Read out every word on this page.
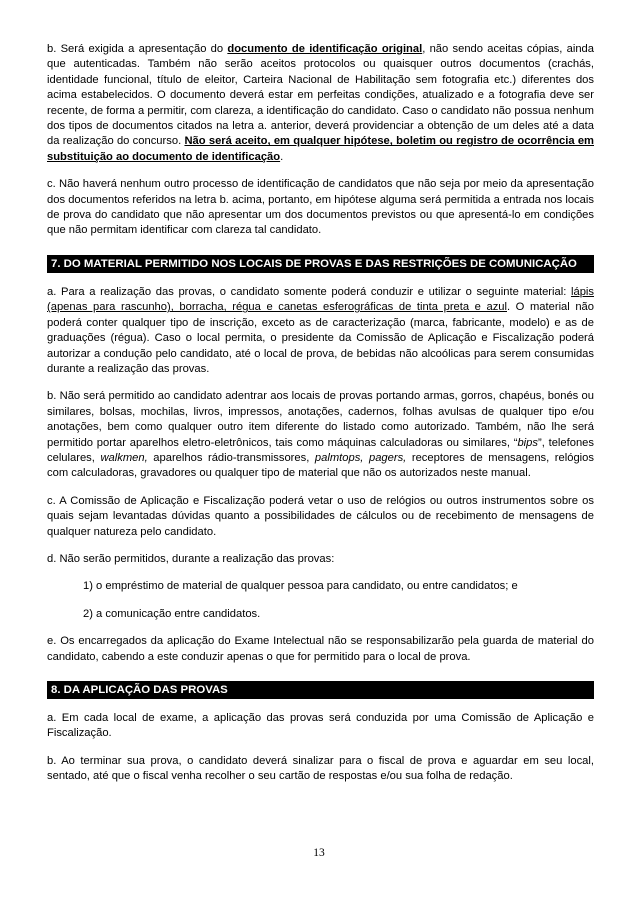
b. Será exigida a apresentação do documento de identificação original, não sendo aceitas cópias, ainda que autenticadas. Também não serão aceitos protocolos ou quaisquer outros documentos (crachás, identidade funcional, título de eleitor, Carteira Nacional de Habilitação sem fotografia etc.) diferentes dos acima estabelecidos. O documento deverá estar em perfeitas condições, atualizado e a fotografia deve ser recente, de forma a permitir, com clareza, a identificação do candidato. Caso o candidato não possua nenhum dos tipos de documentos citados na letra a. anterior, deverá providenciar a obtenção de um deles até a data da realização do concurso. Não será aceito, em qualquer hipótese, boletim ou registro de ocorrência em substituição ao documento de identificação.

c. Não haverá nenhum outro processo de identificação de candidatos que não seja por meio da apresentação dos documentos referidos na letra b. acima, portanto, em hipótese alguma será permitida a entrada nos locais de prova do candidato que não apresentar um dos documentos previstos ou que apresentá-lo em condições que não permitam identificar com clareza tal candidato.

7. DO MATERIAL PERMITIDO NOS LOCAIS DE PROVAS E DAS RESTRIÇÕES DE COMUNICAÇÃO

a. Para a realização das provas, o candidato somente poderá conduzir e utilizar o seguinte material: lápis (apenas para rascunho), borracha, régua e canetas esferográficas de tinta preta e azul. O material não poderá conter qualquer tipo de inscrição, exceto as de caracterização (marca, fabricante, modelo) e as de graduações (régua). Caso o local permita, o presidente da Comissão de Aplicação e Fiscalização poderá autorizar a condução pelo candidato, até o local de prova, de bebidas não alcoólicas para serem consumidas durante a realização das provas.

b. Não será permitido ao candidato adentrar aos locais de provas portando armas, gorros, chapéus, bonés ou similares, bolsas, mochilas, livros, impressos, anotações, cadernos, folhas avulsas de qualquer tipo e/ou anotações, bem como qualquer outro item diferente do listado como autorizado. Também, não lhe será permitido portar aparelhos eletro-eletrônicos, tais como máquinas calculadoras ou similares, “bips”, telefones celulares, walkmen, aparelhos rádio-transmissores, palmtops, pagers, receptores de mensagens, relógios com calculadoras, gravadores ou qualquer tipo de material que não os autorizados neste manual.

c. A Comissão de Aplicação e Fiscalização poderá vetar o uso de relógios ou outros instrumentos sobre os quais sejam levantadas dúvidas quanto a possibilidades de cálculos ou de recebimento de mensagens de qualquer natureza pelo candidato.

d. Não serão permitidos, durante a realização das provas:

1) o empréstimo de material de qualquer pessoa para candidato, ou entre candidatos; e

2) a comunicação entre candidatos.

e. Os encarregados da aplicação do Exame Intelectual não se responsabilizarão pela guarda de material do candidato, cabendo a este conduzir apenas o que for permitido para o local de prova.

8. DA APLICAÇÃO DAS PROVAS

a. Em cada local de exame, a aplicação das provas será conduzida por uma Comissão de Aplicação e Fiscalização.

b. Ao terminar sua prova, o candidato deverá sinalizar para o fiscal de prova e aguardar em seu local, sentado, até que o fiscal venha recolher o seu cartão de respostas e/ou sua folha de redação.

13
